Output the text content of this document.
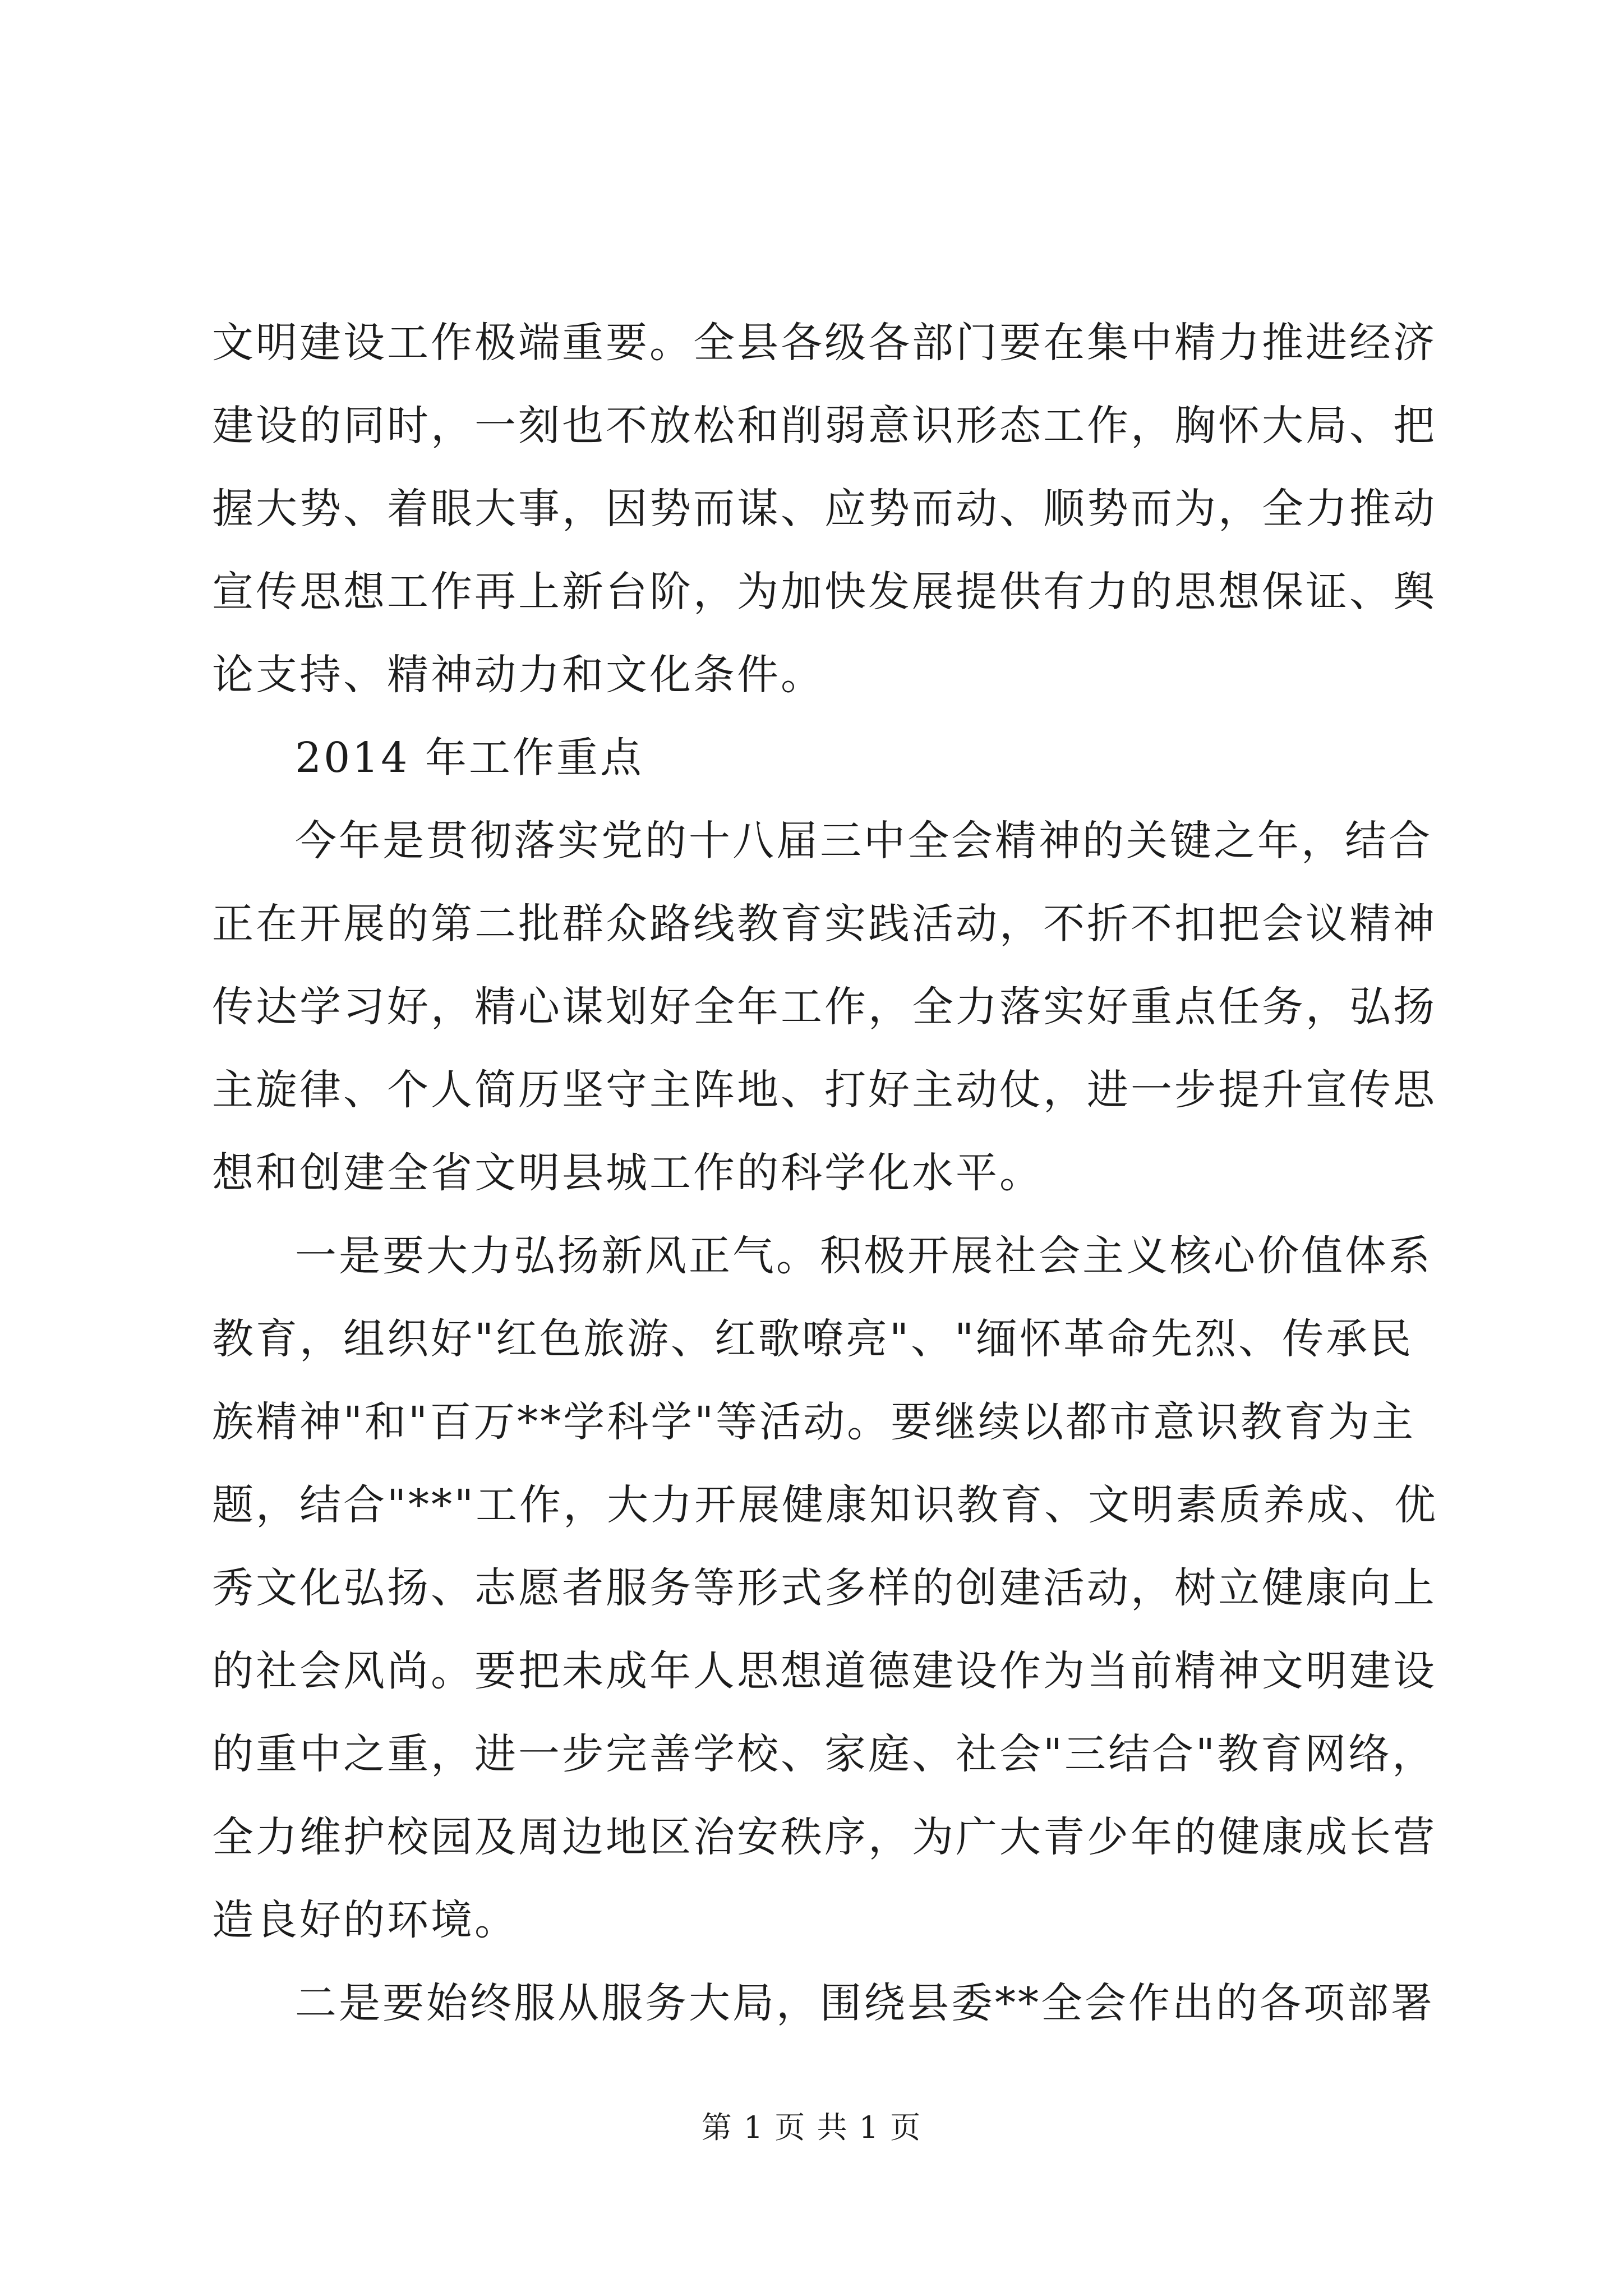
文明建设工作极端重要。全县各级各部门要在集中精力推进经济
建设的同时，一刻也不放松和削弱意识形态工作，胸怀大局、把
握大势、着眼大事，因势而谋、应势而动、顺势而为，全力推动
宣传思想工作再上新台阶，为加快发展提供有力的思想保证、舆
论支持、精神动力和文化条件。
2014 年工作重点
今年是贯彻落实党的十八届三中全会精神的关键之年，结合
正在开展的第二批群众路线教育实践活动，不折不扣把会议精神
传达学习好，精心谋划好全年工作，全力落实好重点任务，弘扬
主旋律、个人简历坚守主阵地、打好主动仗，进一步提升宣传思
想和创建全省文明县城工作的科学化水平。
一是要大力弘扬新风正气。积极开展社会主义核心价值体系
教育，组织好"红色旅游、红歌嘹亮"、"缅怀革命先烈、传承民
族精神"和"百万**学科学"等活动。要继续以都市意识教育为主
题，结合"**"工作，大力开展健康知识教育、文明素质养成、优
秀文化弘扬、志愿者服务等形式多样的创建活动，树立健康向上
的社会风尚。要把未成年人思想道德建设作为当前精神文明建设
的重中之重，进一步完善学校、家庭、社会"三结合"教育网络，
全力维护校园及周边地区治安秩序，为广大青少年的健康成长营
造良好的环境。
二是要始终服从服务大局，围绕县委**全会作出的各项部署
第 1 页 共 1 页
